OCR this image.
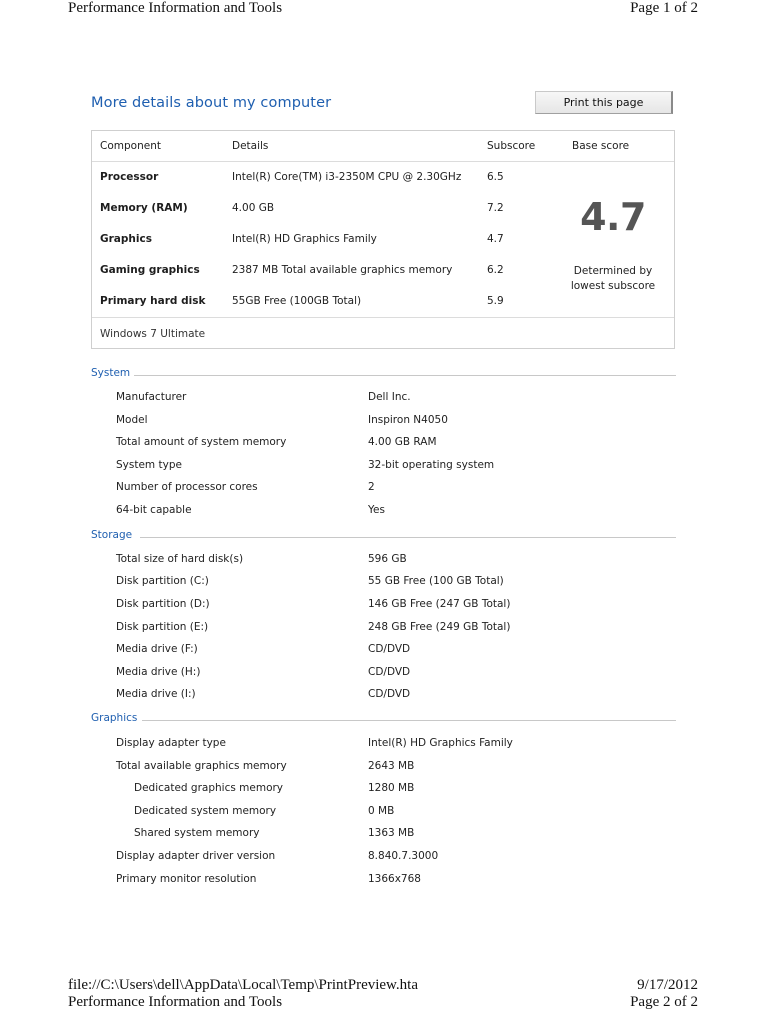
Performance Information and Tools	Page 1 of 2
More details about my computer	Print this page
Component	Details	Subscore	Base score
Processor	Intel(R) Core(TM) i3-2350M CPU @ 2.30GHz 6.5
Memory (RAM)	4.00 GB	7.2
Graphics	Intel(R) HD Graphics Family	4.7
Gaming graphics	2387 MB Total available graphics memory	6.2
Primary hard disk	55GB Free (100GB Total)	5.9
4.7
Determined by
lowest subscore
Windows 7 Ultimate
System
Manufacturer	Dell Inc.
Model	Inspiron N4050
Total amount of system memory	4.00 GB RAM
System type	32-bit operating system
Number of processor cores	2
64-bit capable	Yes
Storage
Total size of hard disk(s)	596 GB
Disk partition (C:)	55 GB Free (100 GB Total)
Disk partition (D:)	146 GB Free (247 GB Total)
Disk partition (E:)	248 GB Free (249 GB Total)
Media drive (F:)	CD/DVD
Media drive (H:)	CD/DVD
Media drive (I:)	CD/DVD
Graphics
Display adapter type	Intel(R) HD Graphics Family
Total available graphics memory	2643 MB
Dedicated graphics memory	1280 MB
Dedicated system memory	0 MB
Shared system memory	1363 MB
Display adapter driver version	8.840.7.3000
Primary monitor resolution	1366x768
file://C:\Users\dell\AppData\Local\Temp\PrintPreview.hta	9/17/2012
Performance Information and Tools	Page 2 of 2
